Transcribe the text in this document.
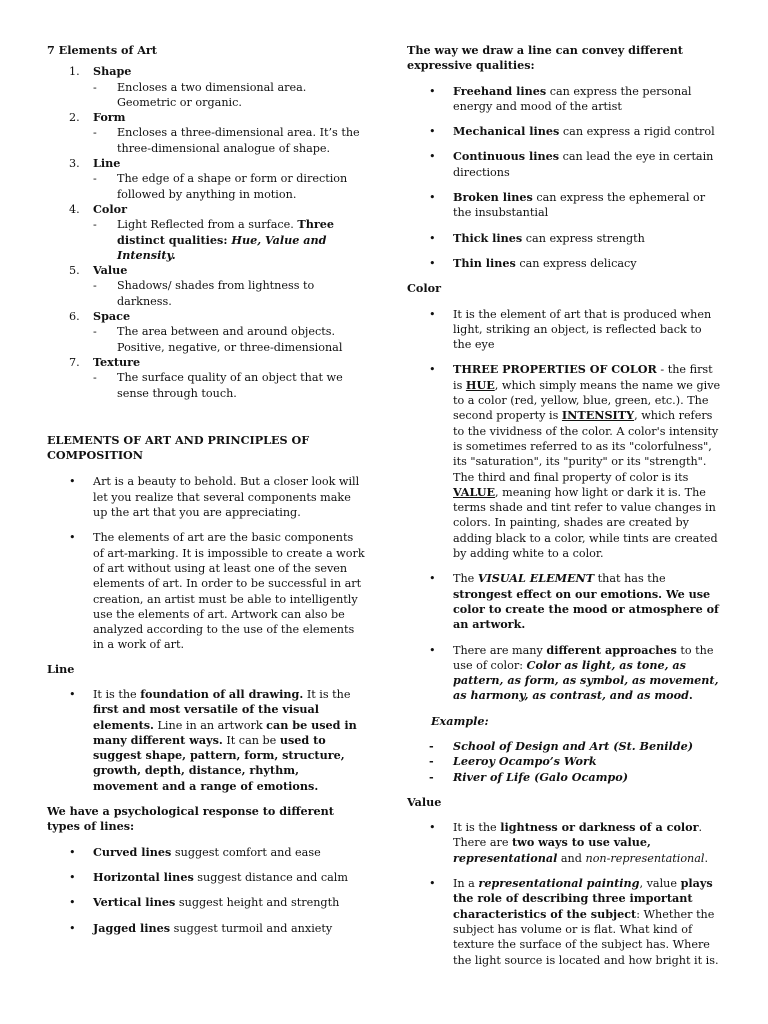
7 Elements of Art

1.	Shape
- Encloses a two dimensional area. Geometric or organic.
2.	Form
- Encloses a three-dimensional area. It’s the three-dimensional analogue of shape.
3.	Line
- The edge of a shape or form or direction followed by anything in motion.
4.	Color
- Light Reflected from a surface. Three distinct qualities: Hue, Value and Intensity.
5.	Value
- Shadows/ shades from lightness to darkness.
6.	Space
- The area between and around objects. Positive, negative, or three-dimensional
7.	Texture
- The surface quality of an object that we sense through touch.

ELEMENTS OF ART AND PRINCIPLES OF COMPOSITION

• Art is a beauty to behold. But a closer look will let you realize that several components make up the art that you are appreciating.
• The elements of art are the basic components of art-marking. It is impossible to create a work of art without using at least one of the seven elements of art. In order to be successful in art creation, an artist must be able to intelligently use the elements of art. Artwork can also be analyzed according to the use of the elements in a work of art.

Line

• It is the foundation of all drawing. It is the first and most versatile of the visual elements. Line in an artwork can be used in many different ways. It can be used to suggest shape, pattern, form, structure, growth, depth, distance, rhythm, movement and a range of emotions.

We have a psychological response to different types of lines:

• Curved lines suggest comfort and ease
• Horizontal lines suggest distance and calm
• Vertical lines suggest height and strength
• Jagged lines suggest turmoil and anxiety

The way we draw a line can convey different expressive qualities:

• Freehand lines can express the personal energy and mood of the artist
• Mechanical lines can express a rigid control
• Continuous lines can lead the eye in certain directions
• Broken lines can express the ephemeral or the insubstantial
• Thick lines can express strength
• Thin lines can express delicacy

Color

• It is the element of art that is produced when light, striking an object, is reflected back to the eye
• THREE PROPERTIES OF COLOR - the first is HUE, which simply means the name we give to a color (red, yellow, blue, green, etc.). The second property is INTENSITY, which refers to the vividness of the color. A color's intensity is sometimes referred to as its "colorfulness", its "saturation", its "purity" or its "strength". The third and final property of color is its VALUE, meaning how light or dark it is. The terms shade and tint refer to value changes in colors. In painting, shades are created by adding black to a color, while tints are created by adding white to a color.
• The VISUAL ELEMENT that has the strongest effect on our emotions. We use color to create the mood or atmosphere of an artwork.
• There are many different approaches to the use of color: Color as light, as tone, as pattern, as form, as symbol, as movement, as harmony, as contrast, and as mood.

Example:

- School of Design and Art (St. Benilde)
- Leeroy Ocampo’s Work
- River of Life (Galo Ocampo)

Value

• It is the lightness or darkness of a color. There are two ways to use value, representational and non-representational.
• In a representational painting, value plays the role of describing three important characteristics of the subject: Whether the subject has volume or is flat. What kind of texture the surface of the subject has. Where the light source is located and how bright it is.
